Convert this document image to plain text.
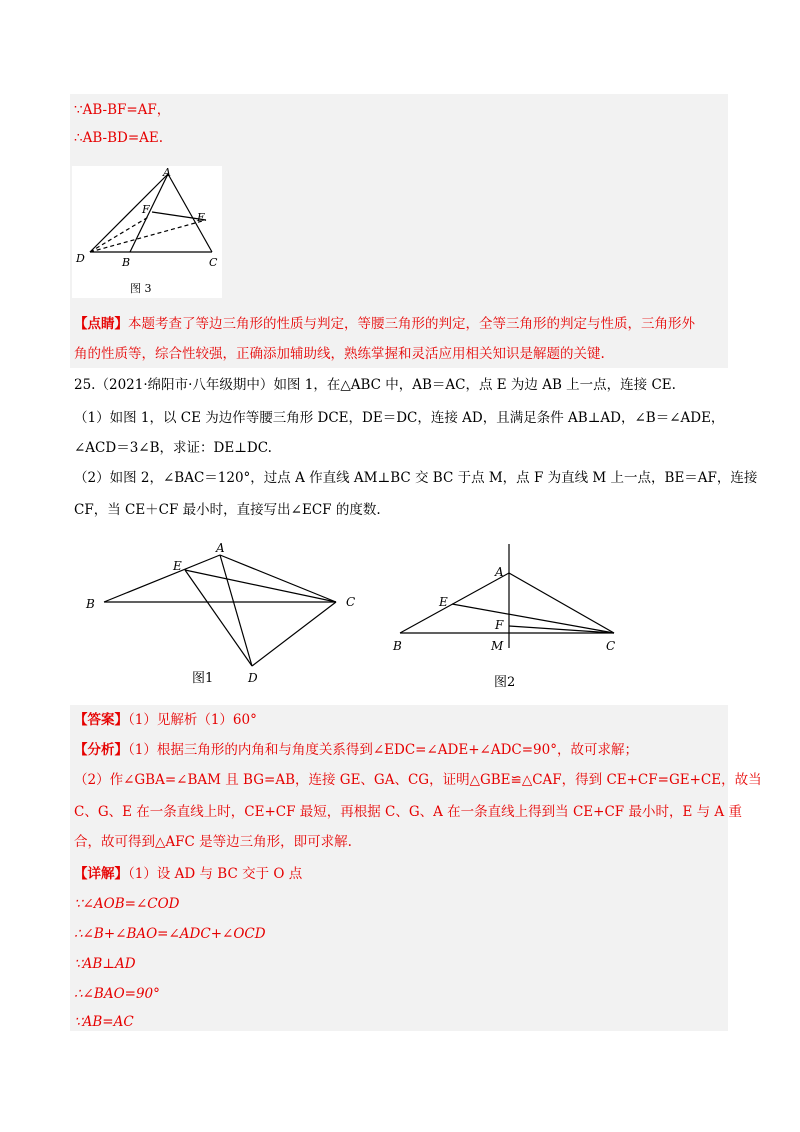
∵AB-BF=AF，
∴AB-BD=AE.
A
F
E
D	B	C
图 3
【点睛】本题考查了等边三角形的性质与判定，等腰三角形的判定，全等三角形的判定与性质，三角形外
角的性质等，综合性较强，正确添加辅助线，熟练掌握和灵活应用相关知识是解题的关键.
25.（2021·绵阳市·八年级期中）如图 1，在△ABC 中，AB＝AC，点 E 为边 AB 上一点，连接 CE.
（1）如图 1，以 CE 为边作等腰三角形 DCE，DE＝DC，连接 AD，且满足条件 AB⊥AD，∠B＝∠ADE，
∠ACD＝3∠B，求证：DE⊥DC.
（2）如图 2，∠BAC＝120°，过点 A 作直线 AM⊥BC 交 BC 于点 M，点 F 为直线 M 上一点，BE＝AF，连接
CF，当 CE＋CF 最小时，直接写出∠ECF 的度数.
A
E
B	C
D
图1
A
E
F
B	M	C
图2
【答案】（1）见解析（1）60°
【分析】（1）根据三角形的内角和与角度关系得到∠EDC=∠ADE+∠ADC=90°，故可求解；
（2）作∠GBA=∠BAM 且 BG=AB，连接 GE、GA、CG，证明△GBE≌△CAF，得到 CE+CF=GE+CE，故当
C、G、E 在一条直线上时，CE+CF 最短，再根据 C、G、A 在一条直线上得到当 CE+CF 最小时，E 与 A 重
合，故可得到△AFC 是等边三角形，即可求解.
【详解】（1）设 AD 与 BC 交于 O 点
∵∠AOB=∠COD
∴∠B+∠BAO=∠ADC+∠OCD
∵AB⊥AD
∴∠BAO=90°
∵AB=AC
